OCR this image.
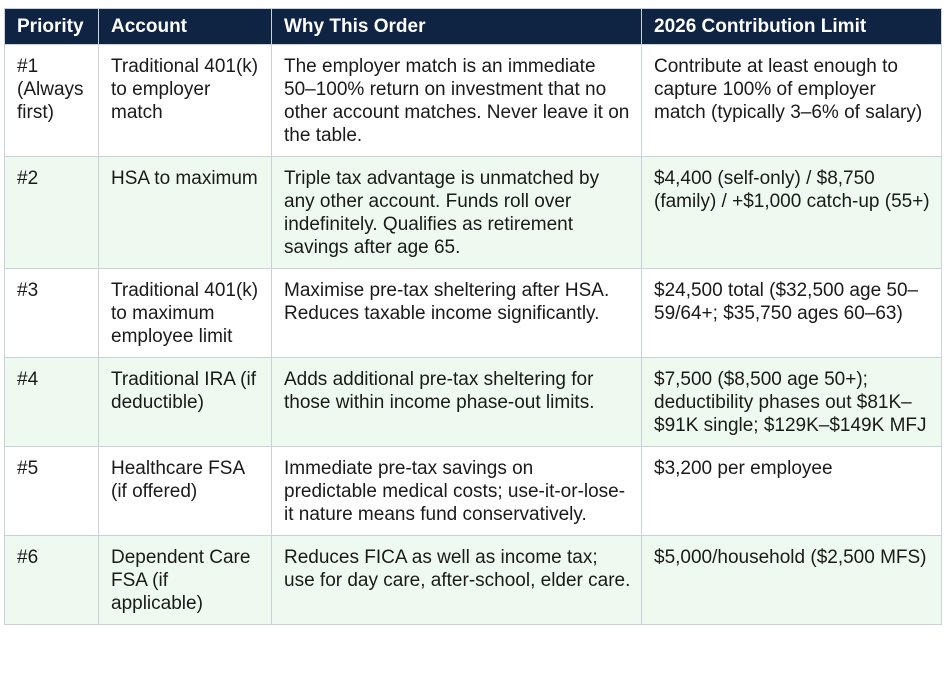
Priority	Account	Why This Order	2026 Contribution Limit
#1 (Always first)	Traditional 401(k) to employer match	The employer match is an immediate 50–100% return on investment that no other account matches. Never leave it on the table.	Contribute at least enough to capture 100% of employer match (typically 3–6% of salary)
#2	HSA to maximum	Triple tax advantage is unmatched by any other account. Funds roll over indefinitely. Qualifies as retirement savings after age 65.	$4,400 (self-only) / $8,750 (family) / +$1,000 catch-up (55+)
#3	Traditional 401(k) to maximum employee limit	Maximise pre-tax sheltering after HSA. Reduces taxable income significantly.	$24,500 total ($32,500 age 50–59/64+; $35,750 ages 60–63)
#4	Traditional IRA (if deductible)	Adds additional pre-tax sheltering for those within income phase-out limits.	$7,500 ($8,500 age 50+); deductibility phases out $81K–$91K single; $129K–$149K MFJ
#5	Healthcare FSA (if offered)	Immediate pre-tax savings on predictable medical costs; use-it-or-lose-it nature means fund conservatively.	$3,200 per employee
#6	Dependent Care FSA (if applicable)	Reduces FICA as well as income tax; use for day care, after-school, elder care.	$5,000/household ($2,500 MFS)
